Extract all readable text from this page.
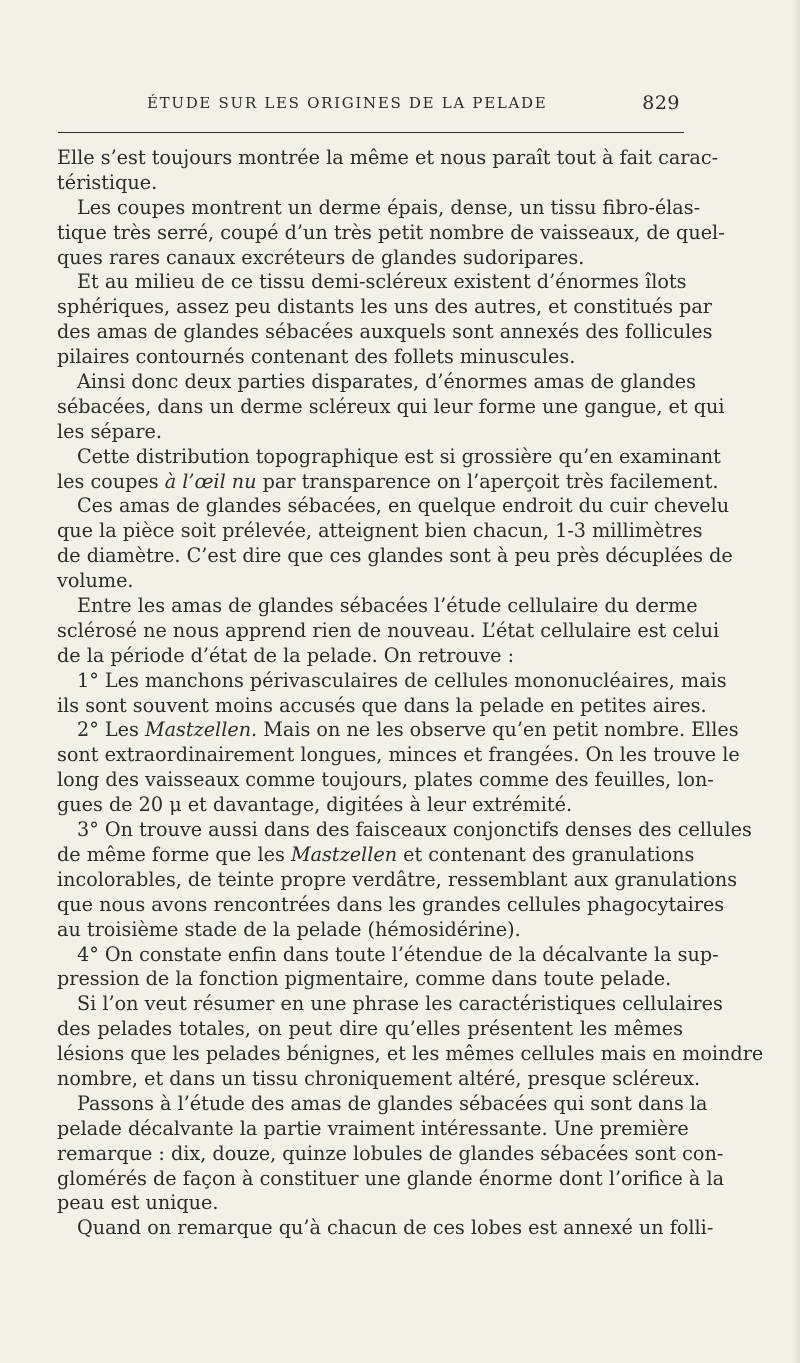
ÉTUDE SUR LES ORIGINES DE LA PELADE	829
Elle s’est toujours montrée la même et nous paraît tout à fait carac-
téristique.
Les coupes montrent un derme épais, dense, un tissu fibro-élas-
tique très serré, coupé d’un très petit nombre de vaisseaux, de quel-
ques rares canaux excréteurs de glandes sudoripares.
Et au milieu de ce tissu demi-scléreux existent d’énormes îlots
sphériques, assez peu distants les uns des autres, et constitués par
des amas de glandes sébacées auxquels sont annexés des follicules
pilaires contournés contenant des follets minuscules.
Ainsi donc deux parties disparates, d’énormes amas de glandes
sébacées, dans un derme scléreux qui leur forme une gangue, et qui
les sépare.
Cette distribution topographique est si grossière qu’en examinant
les coupes à l’œil nu par transparence on l’aperçoit très facilement.
Ces amas de glandes sébacées, en quelque endroit du cuir chevelu
que la pièce soit prélevée, atteignent bien chacun, 1-3 millimètres
de diamètre. C’est dire que ces glandes sont à peu près décuplées de
volume.
Entre les amas de glandes sébacées l’étude cellulaire du derme
sclérosé ne nous apprend rien de nouveau. L’état cellulaire est celui
de la période d’état de la pelade. On retrouve :
1° Les manchons périvasculaires de cellules mononucléaires, mais
ils sont souvent moins accusés que dans la pelade en petites aires.
2° Les Mastzellen. Mais on ne les observe qu’en petit nombre. Elles
sont extraordinairement longues, minces et frangées. On les trouve le
long des vaisseaux comme toujours, plates comme des feuilles, lon-
gues de 20 μ et davantage, digitées à leur extrémité.
3° On trouve aussi dans des faisceaux conjonctifs denses des cellules
de même forme que les Mastzellen et contenant des granulations
incolorables, de teinte propre verdâtre, ressemblant aux granulations
que nous avons rencontrées dans les grandes cellules phagocytaires
au troisième stade de la pelade (hémosidérine).
4° On constate enfin dans toute l’étendue de la décalvante la sup-
pression de la fonction pigmentaire, comme dans toute pelade.
Si l’on veut résumer en une phrase les caractéristiques cellulaires
des pelades totales, on peut dire qu’elles présentent les mêmes
lésions que les pelades bénignes, et les mêmes cellules mais en moindre
nombre, et dans un tissu chroniquement altéré, presque scléreux.
Passons à l’étude des amas de glandes sébacées qui sont dans la
pelade décalvante la partie vraiment intéressante. Une première
remarque : dix, douze, quinze lobules de glandes sébacées sont con-
glomérés de façon à constituer une glande énorme dont l’orifice à la
peau est unique.
Quand on remarque qu’à chacun de ces lobes est annexé un folli-
